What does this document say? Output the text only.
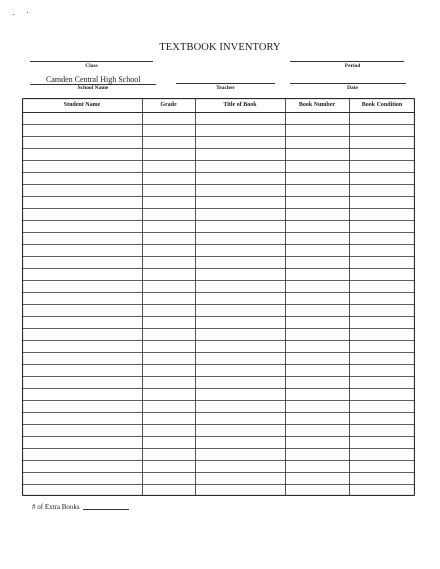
TEXTBOOK INVENTORY
Class	Period
Camden Central High School
School Name	Teacher	Date
Student Name	Grade	Title of Book	Book Number	Book Condition
# of Extra Books
